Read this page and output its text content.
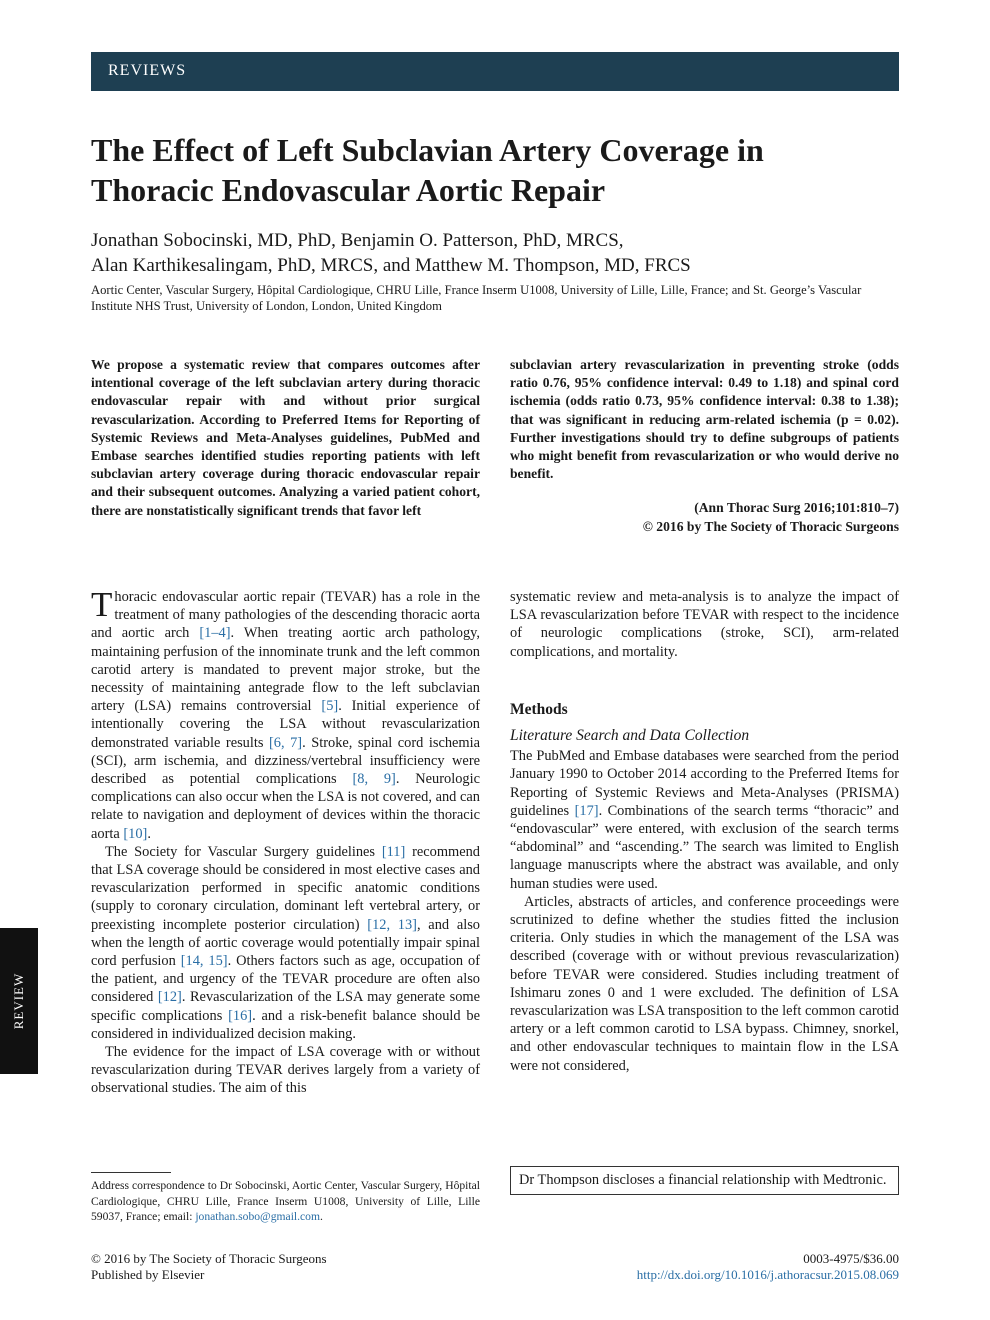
REVIEWS
REVIEW
The Effect of Left Subclavian Artery Coverage in
Thoracic Endovascular Aortic Repair
Jonathan Sobocinski, MD, PhD, Benjamin O. Patterson, PhD, MRCS,
Alan Karthikesalingam, PhD, MRCS, and Matthew M. Thompson, MD, FRCS
Aortic Center, Vascular Surgery, Hôpital Cardiologique, CHRU Lille, France Inserm U1008, University of Lille, Lille, France; and St. George’s Vascular Institute NHS Trust, University of London, London, United Kingdom
We propose a systematic review that compares outcomes after intentional coverage of the left subclavian artery during thoracic endovascular repair with and without prior surgical revascularization. According to Preferred Items for Reporting of Systemic Reviews and Meta-Analyses guidelines, PubMed and Embase searches identified studies reporting patients with left subclavian artery coverage during thoracic endovascular repair and their subsequent outcomes. Analyzing a varied patient cohort, there are nonstatistically significant trends that favor left
subclavian artery revascularization in preventing stroke (odds ratio 0.76, 95% confidence interval: 0.49 to 1.18) and spinal cord ischemia (odds ratio 0.73, 95% confidence interval: 0.38 to 1.38); that was significant in reducing arm-related ischemia (p = 0.02). Further investigations should try to define subgroups of patients who might benefit from revascularization or who would derive no benefit.
(Ann Thorac Surg 2016;101:810–7)
© 2016 by The Society of Thoracic Surgeons

Thoracic endovascular aortic repair (TEVAR) has a role in the treatment of many pathologies of the descending thoracic aorta and aortic arch [1–4]. When treating aortic arch pathology, maintaining perfusion of the innominate trunk and the left common carotid artery is mandated to prevent major stroke, but the necessity of maintaining antegrade flow to the left subclavian artery (LSA) remains controversial [5]. Initial experience of intentionally covering the LSA without revascularization demonstrated variable results [6, 7]. Stroke, spinal cord ischemia (SCI), arm ischemia, and dizziness/vertebral insufficiency were described as potential complications [8, 9]. Neurologic complications can also occur when the LSA is not covered, and can relate to navigation and deployment of devices within the thoracic aorta [10].

The Society for Vascular Surgery guidelines [11] recommend that LSA coverage should be considered in most elective cases and revascularization performed in specific anatomic conditions (supply to coronary circulation, dominant left vertebral artery, or preexisting incomplete posterior circulation) [12, 13], and also when the length of aortic coverage would potentially impair spinal cord perfusion [14, 15]. Others factors such as age, occupation of the patient, and urgency of the TEVAR procedure are often also considered [12]. Revascularization of the LSA may generate some specific complications [16]. and a risk-benefit balance should be considered in individualized decision making.

The evidence for the impact of LSA coverage with or without revascularization during TEVAR derives largely from a variety of observational studies. The aim of this

systematic review and meta-analysis is to analyze the impact of LSA revascularization before TEVAR with respect to the incidence of neurologic complications (stroke, SCI), arm-related complications, and mortality.

Methods
Literature Search and Data Collection

The PubMed and Embase databases were searched from the period January 1990 to October 2014 according to the Preferred Items for Reporting of Systemic Reviews and Meta-Analyses (PRISMA) guidelines [17]. Combinations of the search terms “thoracic” and “endovascular” were entered, with exclusion of the search terms “abdominal” and “ascending.” The search was limited to English language manuscripts where the abstract was available, and only human studies were used.

Articles, abstracts of articles, and conference proceedings were scrutinized to define whether the studies fitted the inclusion criteria. Only studies in which the management of the LSA was described (coverage with or without previous revascularization) before TEVAR were considered. Studies including treatment of Ishimaru zones 0 and 1 were excluded. The definition of LSA revascularization was LSA transposition to the left common carotid artery or a left common carotid to LSA bypass. Chimney, snorkel, and other endovascular techniques to maintain flow in the LSA were not considered,

Address correspondence to Dr Sobocinski, Aortic Center, Vascular Surgery, Hôpital Cardiologique, CHRU Lille, France Inserm U1008, University of Lille, Lille 59037, France; email: jonathan.sobo@gmail.com.
Dr Thompson discloses a financial relationship with Medtronic.
© 2016 by The Society of Thoracic Surgeons
Published by Elsevier
0003-4975/$36.00
http://dx.doi.org/10.1016/j.athoracsur.2015.08.069
